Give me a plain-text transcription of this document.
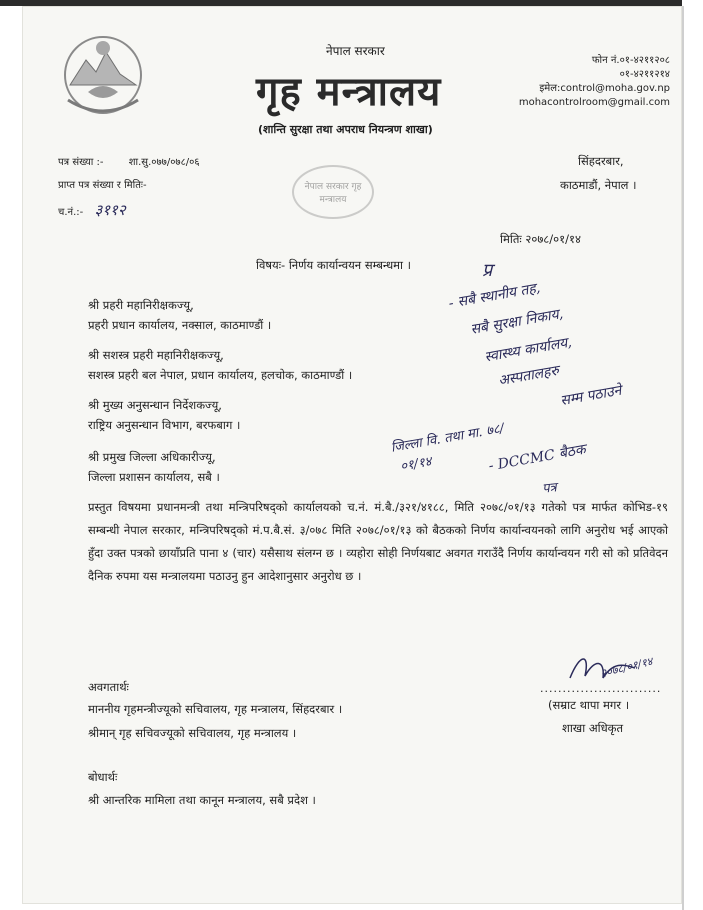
नेपाल सरकार
गृह मन्त्रालय
(शान्ति सुरक्षा तथा अपराध नियन्त्रण शाखा)
फोन नं.०१-४२११२०८
०१-४२११२१४
इमेल:control@moha.gov.np
mohacontrolroom@gmail.com
नेपाल सरकार गृह मन्त्रालय
पत्र संख्या :-	शा.सु.०७७/०७८/०६
प्राप्त पत्र संख्या र मितिः-
च.नं.:- ३११२
सिंहदरबार,
काठमाडौं, नेपाल ।
मितिः २०७८/०१/१४
विषयः- निर्णय कार्यान्वयन सम्बन्धमा ।
श्री प्रहरी महानिरीक्षकज्यू,
प्रहरी प्रधान कार्यालय, नक्साल, काठमाण्डौं ।
श्री सशस्त्र प्रहरी महानिरीक्षकज्यू,
सशस्त्र प्रहरी बल नेपाल, प्रधान कार्यालय, हलचोक, काठमाण्डौं ।
श्री मुख्य अनुसन्धान निर्देशकज्यू,
राष्ट्रिय अनुसन्धान विभाग, बरफबाग ।
श्री प्रमुख जिल्ला अधिकारीज्यू,
जिल्ला प्रशासन कार्यालय, सबै ।
प्र
- सबै स्थानीय तह,
सबै सुरक्षा निकाय,
स्वास्थ्य कार्यालय,
अस्पतालहरु
सम्म पठाउने
जिल्ला वि. तथा मा. ७८/
०१/१४	- DCCMC बैठक
पत्र
प्रस्तुत विषयमा प्रधानमन्त्री तथा मन्त्रिपरिषद्को कार्यालयको च.नं. मं.बै./३२१/४१८८, मिति २०७८/०१/१३ गतेको पत्र मार्फत कोभिड-१९ सम्बन्धी नेपाल सरकार, मन्त्रिपरिषद्को मं.प.बै.सं. ३/०७८ मिति २०७८/०१/१३ को बैठकको निर्णय कार्यान्वयनको लागि अनुरोध भई आएको हुँदा उक्त पत्रको छायाँप्रति पाना ४ (चार) यसैसाथ संलग्न छ । व्यहोरा सोही निर्णयबाट अवगत गराउँदै निर्णय कार्यान्वयन गरी सो को प्रतिवेदन दैनिक रुपमा यस मन्त्रालयमा पठाउनु हुन आदेशानुसार अनुरोध छ ।
२०७८/०१/१४
...........................
(सम्राट थापा मगर ।
शाखा अधिकृत
अवगतार्थः
माननीय गृहमन्त्रीज्यूको सचिवालय, गृह मन्त्रालय, सिंहदरबार ।
श्रीमान् गृह सचिवज्यूको सचिवालय, गृह मन्त्रालय ।
बोधार्थः
श्री आन्तरिक मामिला तथा कानून मन्त्रालय, सबै प्रदेश ।
